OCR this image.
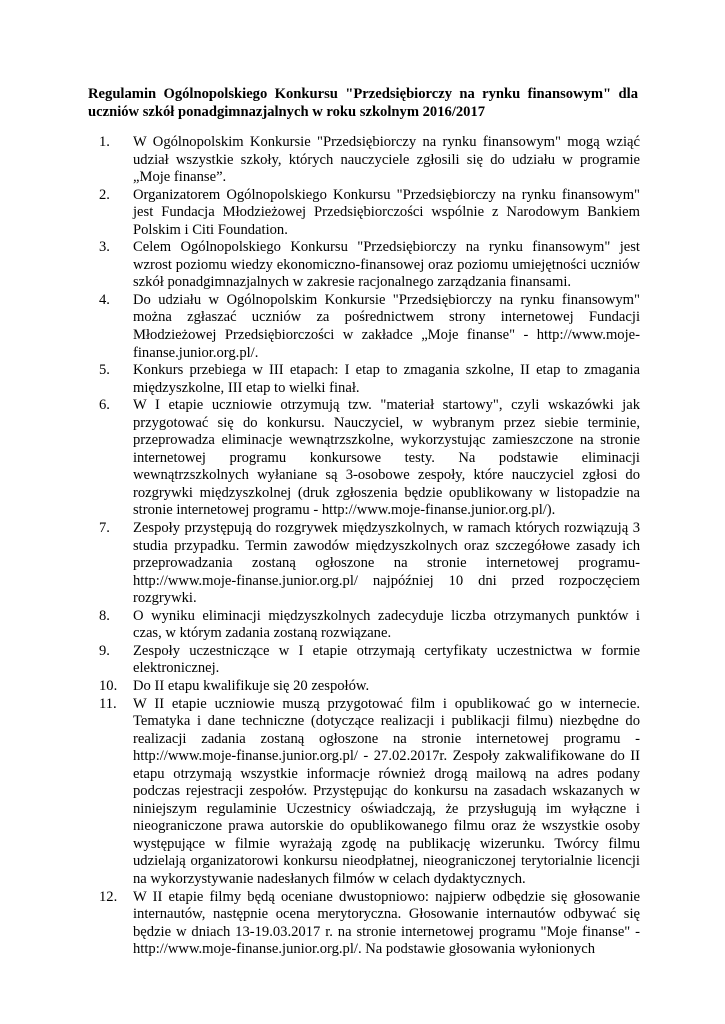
Regulamin Ogólnopolskiego Konkursu "Przedsiębiorczy na rynku finansowym" dla uczniów szkół ponadgimnazjalnych w roku szkolnym 2016/2017
1.	W Ogólnopolskim Konkursie "Przedsiębiorczy na rynku finansowym" mogą wziąć udział wszystkie szkoły, których nauczyciele zgłosili się do udziału w programie „Moje finanse”.
2.	Organizatorem Ogólnopolskiego Konkursu "Przedsiębiorczy na rynku finansowym" jest Fundacja Młodzieżowej Przedsiębiorczości wspólnie z Narodowym Bankiem Polskim i Citi Foundation.
3.	Celem Ogólnopolskiego Konkursu "Przedsiębiorczy na rynku finansowym" jest wzrost poziomu wiedzy ekonomiczno-finansowej oraz poziomu umiejętności uczniów szkół ponadgimnazjalnych w zakresie racjonalnego zarządzania finansami.
4.	Do udziału w Ogólnopolskim Konkursie "Przedsiębiorczy na rynku finansowym" można zgłaszać uczniów za pośrednictwem strony internetowej Fundacji Młodzieżowej Przedsiębiorczości w zakładce „Moje finanse" - http://www.moje-finanse.junior.org.pl/.
5.	Konkurs przebiega w III etapach: I etap to zmagania szkolne, II etap to zmagania międzyszkolne, III etap to wielki finał.
6.	W I etapie uczniowie otrzymują tzw. "materiał startowy", czyli wskazówki jak przygotować się do konkursu. Nauczyciel, w wybranym przez siebie terminie, przeprowadza eliminacje wewnątrzszkolne, wykorzystując zamieszczone na stronie internetowej programu konkursowe testy. Na podstawie eliminacji wewnątrzszkolnych wyłaniane są 3-osobowe zespoły, które nauczyciel zgłosi do rozgrywki międzyszkolnej (druk zgłoszenia będzie opublikowany w listopadzie na stronie internetowej programu - http://www.moje-finanse.junior.org.pl/).
7.	Zespoły przystępują do rozgrywek międzyszkolnych, w ramach których rozwiązują 3 studia przypadku. Termin zawodów międzyszkolnych oraz szczegółowe zasady ich przeprowadzania zostaną ogłoszone na stronie internetowej programu-http://www.moje-finanse.junior.org.pl/ najpóźniej 10 dni przed rozpoczęciem rozgrywki.
8.	O wyniku eliminacji międzyszkolnych zadecyduje liczba otrzymanych punktów i czas, w którym zadania zostaną rozwiązane.
9.	Zespoły uczestniczące w I etapie otrzymają certyfikaty uczestnictwa w formie elektronicznej.
10.	Do II etapu kwalifikuje się 20 zespołów.
11.	W II etapie uczniowie muszą przygotować film i opublikować go w internecie. Tematyka i dane techniczne (dotyczące realizacji i publikacji filmu) niezbędne do realizacji zadania zostaną ogłoszone na stronie internetowej programu - http://www.moje-finanse.junior.org.pl/ - 27.02.2017r. Zespoły zakwalifikowane do II etapu otrzymają wszystkie informacje również drogą mailową na adres podany podczas rejestracji zespołów. Przystępując do konkursu na zasadach wskazanych w niniejszym regulaminie Uczestnicy oświadczają, że przysługują im wyłączne i nieograniczone prawa autorskie do opublikowanego filmu oraz że wszystkie osoby występujące w filmie wyrażają zgodę na publikację wizerunku. Twórcy filmu udzielają organizatorowi konkursu nieodpłatnej, nieograniczonej terytorialnie licencji na wykorzystywanie nadesłanych filmów w celach dydaktycznych.
12.	W II etapie filmy będą oceniane dwustopniowo: najpierw odbędzie się głosowanie internautów, następnie ocena merytoryczna. Głosowanie internautów odbywać się będzie w dniach 13-19.03.2017 r. na stronie internetowej programu "Moje finanse" - http://www.moje-finanse.junior.org.pl/. Na podstawie głosowania wyłonionych
